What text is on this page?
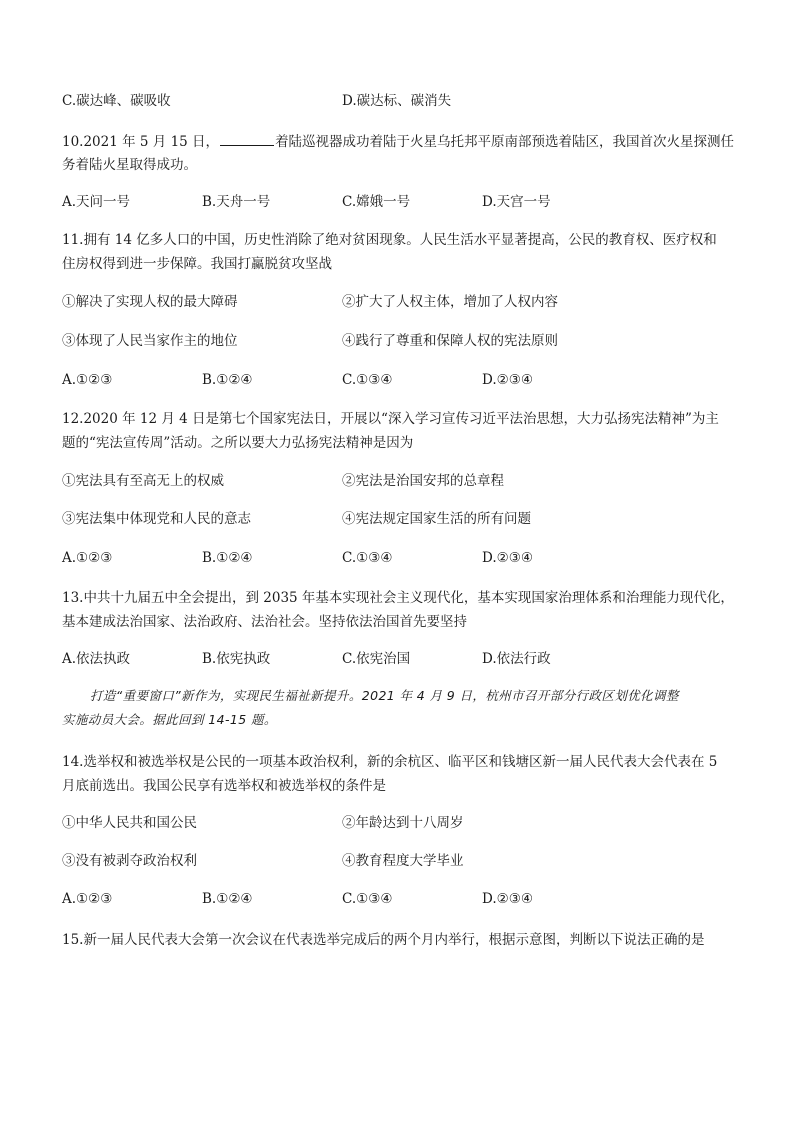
C.碳达峰、碳吸收	D.碳达标、碳消失
10.2021 年 5 月 15 日，	着陆巡视器成功着陆于火星乌托邦平原南部预选着陆区，我国首次火星探测任
务着陆火星取得成功。
A.天问一号	B.天舟一号	C.嫦娥一号	D.天宫一号
11.拥有 14 亿多人口的中国，历史性消除了绝对贫困现象。人民生活水平显著提高，公民的教育权、医疗权和
住房权得到进一步保障。我国打赢脱贫攻坚战
①解决了实现人权的最大障碍	②扩大了人权主体，增加了人权内容
③体现了人民当家作主的地位	④践行了尊重和保障人权的宪法原则
A.①②③	B.①②④	C.①③④	D.②③④
12.2020 年 12 月 4 日是第七个国家宪法日，开展以“深入学习宣传习近平法治思想，大力弘扬宪法精神”为主
题的“宪法宣传周”活动。之所以要大力弘扬宪法精神是因为
①宪法具有至高无上的权威	②宪法是治国安邦的总章程
③宪法集中体现党和人民的意志	④宪法规定国家生活的所有问题
A.①②③	B.①②④	C.①③④	D.②③④
13.中共十九届五中全会提出，到 2035 年基本实现社会主义现代化，基本实现国家治理体系和治理能力现代化，
基本建成法治国家、法治政府、法治社会。坚持依法治国首先要坚持
A.依法执政	B.依宪执政	C.依宪治国	D.依法行政
打造“重要窗口”新作为，实现民生福祉新提升。2021 年 4 月 9 日，杭州市召开部分行政区划优化调整
实施动员大会。据此回到 14-15 题。
14.选举权和被选举权是公民的一项基本政治权利，新的余杭区、临平区和钱塘区新一届人民代表大会代表在 5
月底前选出。我国公民享有选举权和被选举权的条件是
①中华人民共和国公民	②年龄达到十八周岁
③没有被剥夺政治权利	④教育程度大学毕业
A.①②③	B.①②④	C.①③④	D.②③④
15.新一届人民代表大会第一次会议在代表选举完成后的两个月内举行，根据示意图，判断以下说法正确的是
